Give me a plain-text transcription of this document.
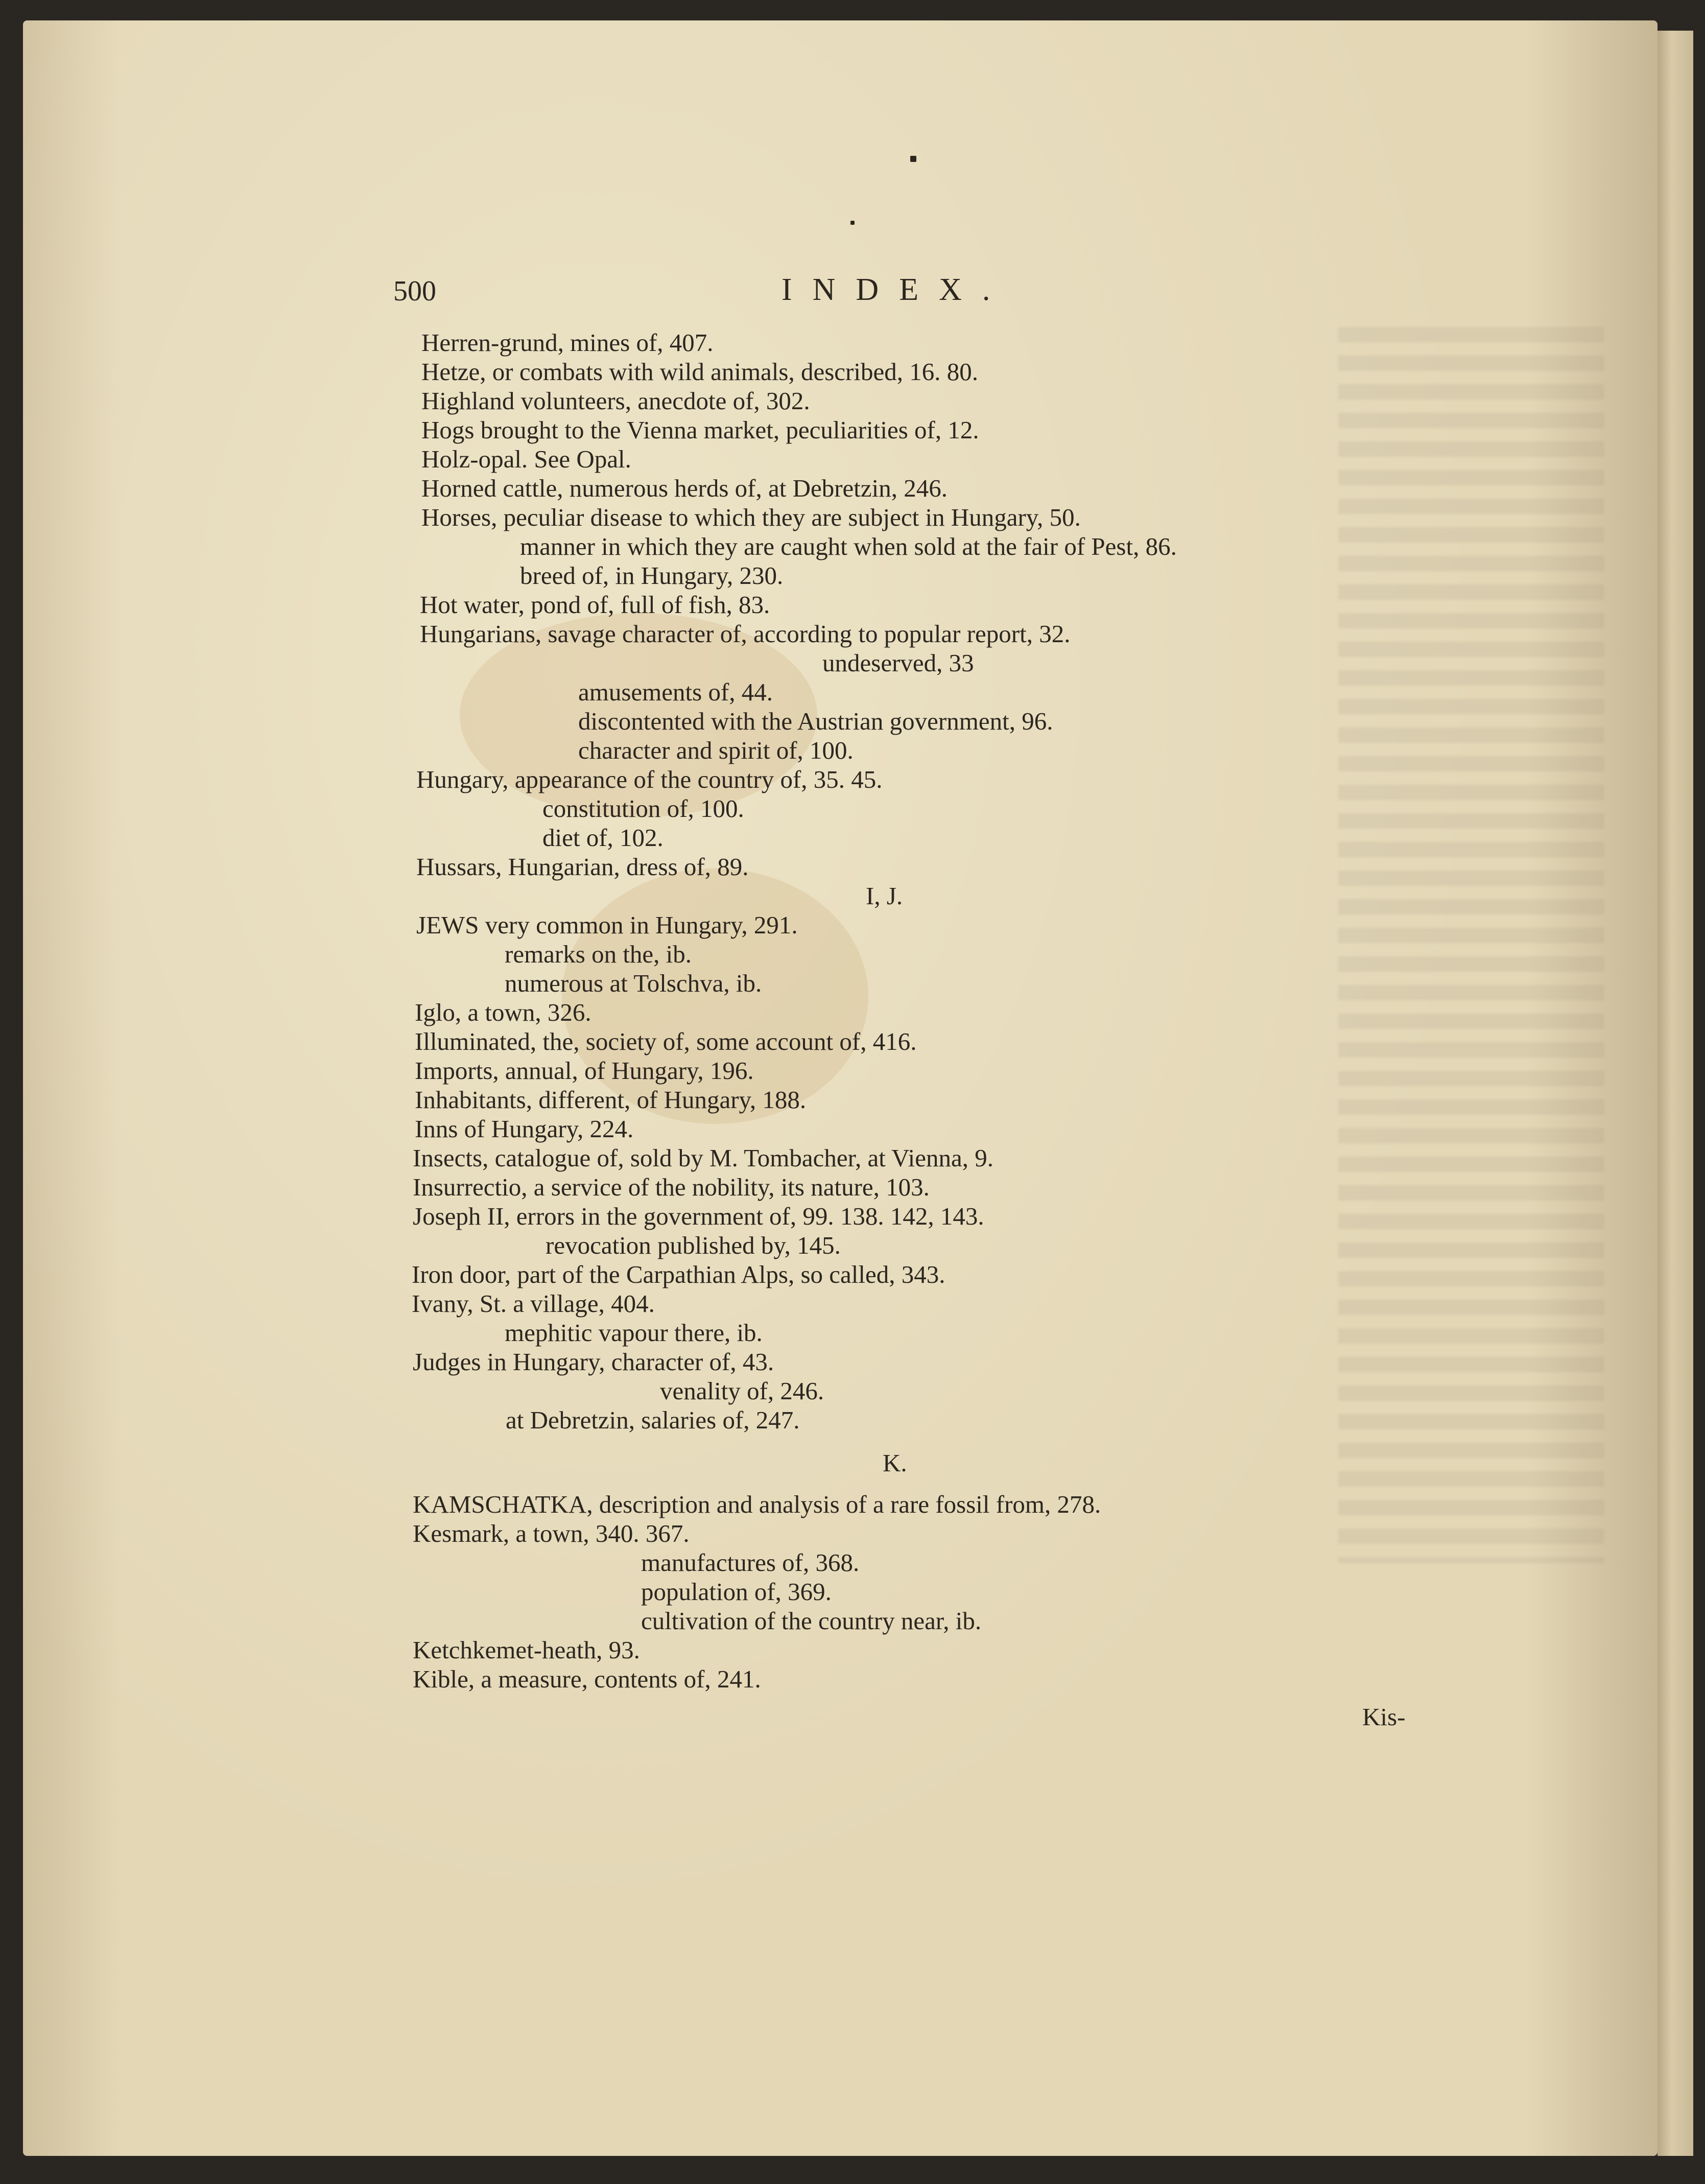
500	INDEX.
Herren-grund, mines of, 407.
Hetze, or combats with wild animals, described, 16. 80.
Highland volunteers, anecdote of, 302.
Hogs brought to the Vienna market, peculiarities of, 12.
Holz-opal. See Opal.
Horned cattle, numerous herds of, at Debretzin, 246.
Horses, peculiar disease to which they are subject in Hungary, 50.
manner in which they are caught when sold at the fair of Pest, 86.
breed of, in Hungary, 230.
Hot water, pond of, full of fish, 83.
Hungarians, savage character of, according to popular report, 32.
undeserved, 33
amusements of, 44.
discontented with the Austrian government, 96.
character and spirit of, 100.
Hungary, appearance of the country of, 35. 45.
constitution of, 100.
diet of, 102.
Hussars, Hungarian, dress of, 89.
I, J.
JEWS very common in Hungary, 291.
remarks on the, ib.
numerous at Tolschva, ib.
Iglo, a town, 326.
Illuminated, the, society of, some account of, 416.
Imports, annual, of Hungary, 196.
Inhabitants, different, of Hungary, 188.
Inns of Hungary, 224.
Insects, catalogue of, sold by M. Tombacher, at Vienna, 9.
Insurrectio, a service of the nobility, its nature, 103.
Joseph II, errors in the government of, 99. 138. 142, 143.
revocation published by, 145.
Iron door, part of the Carpathian Alps, so called, 343.
Ivany, St. a village, 404.
mephitic vapour there, ib.
Judges in Hungary, character of, 43.
venality of, 246.
at Debretzin, salaries of, 247.
K.
KAMSCHATKA, description and analysis of a rare fossil from, 278.
Kesmark, a town, 340. 367.
manufactures of, 368.
population of, 369.
cultivation of the country near, ib.
Ketchkemet-heath, 93.
Kible, a measure, contents of, 241.
Kis-
